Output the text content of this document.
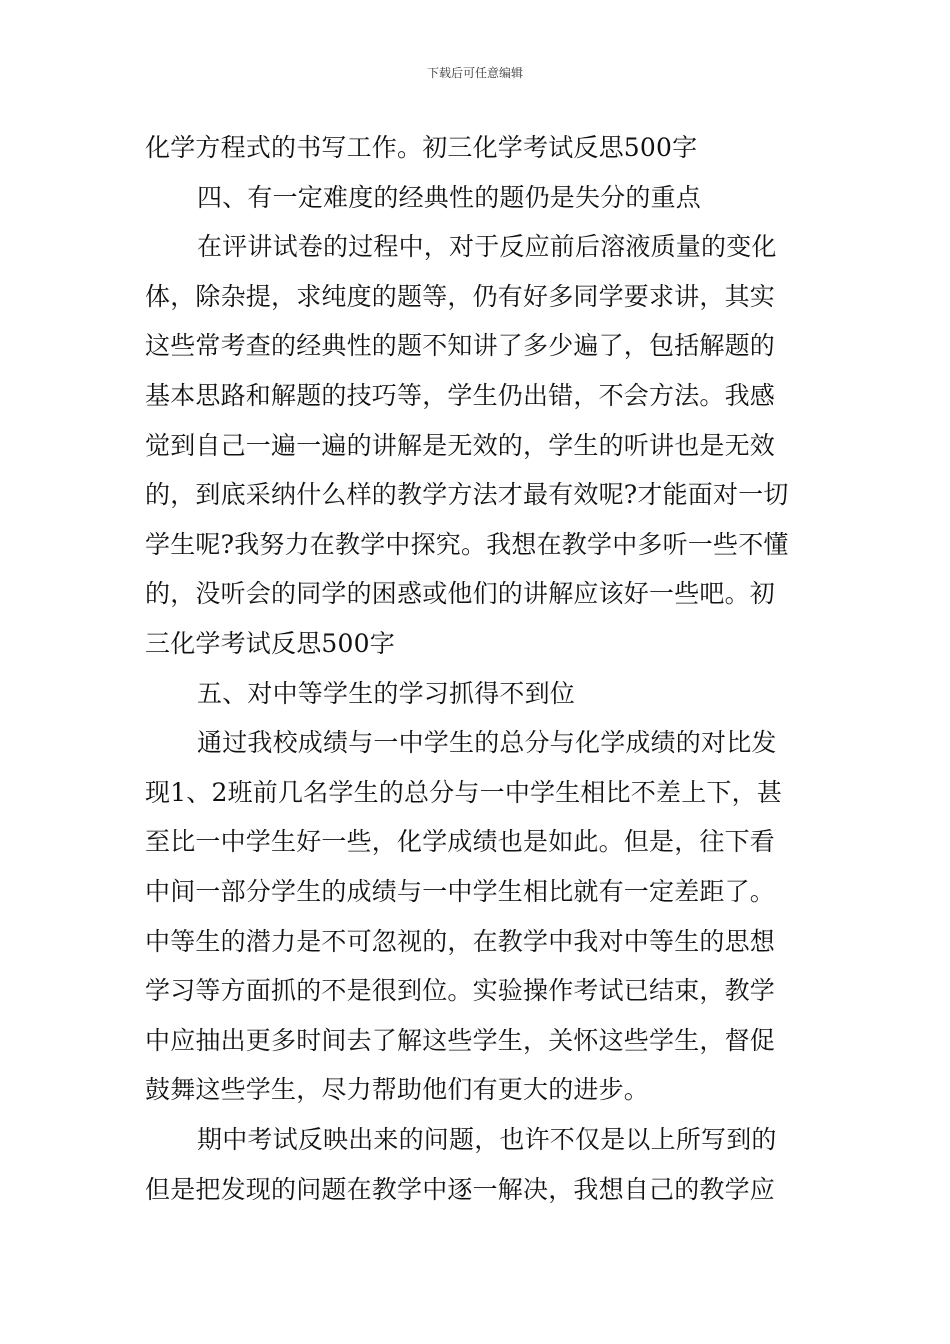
下载后可任意编辑
化学方程式的书写工作。初三化学考试反思500字
四、有一定难度的经典性的题仍是失分的重点
在评讲试卷的过程中，对于反应前后溶液质量的变化
体，除杂提，求纯度的题等，仍有好多同学要求讲，其实
这些常考查的经典性的题不知讲了多少遍了，包括解题的
基本思路和解题的技巧等，学生仍出错，不会方法。我感
觉到自己一遍一遍的讲解是无效的，学生的听讲也是无效
的，到底采纳什么样的教学方法才最有效呢?才能面对一切
学生呢?我努力在教学中探究。我想在教学中多听一些不懂
的，没听会的同学的困惑或他们的讲解应该好一些吧。初
三化学考试反思500字
五、对中等学生的学习抓得不到位
通过我校成绩与一中学生的总分与化学成绩的对比发
现1、2班前几名学生的总分与一中学生相比不差上下，甚
至比一中学生好一些，化学成绩也是如此。但是，往下看
中间一部分学生的成绩与一中学生相比就有一定差距了。
中等生的潜力是不可忽视的，在教学中我对中等生的思想
学习等方面抓的不是很到位。实验操作考试已结束，教学
中应抽出更多时间去了解这些学生，关怀这些学生，督促
鼓舞这些学生，尽力帮助他们有更大的进步。
期中考试反映出来的问题，也许不仅是以上所写到的
但是把发现的问题在教学中逐一解决，我想自己的教学应
